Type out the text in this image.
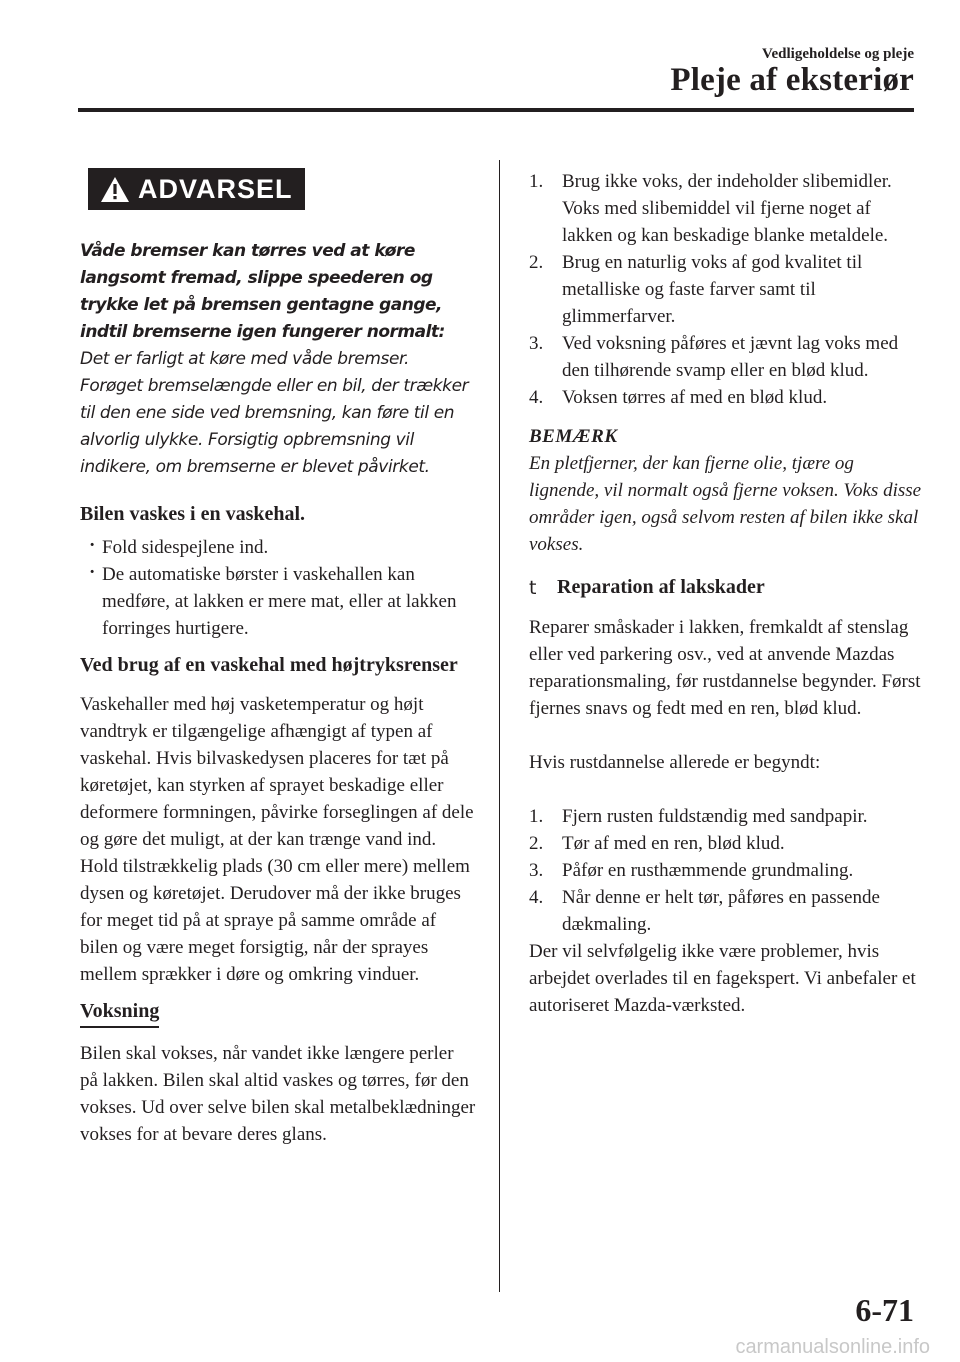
Vedligeholdelse og pleje
Pleje af eksteriør
ADVARSEL
Våde bremser kan tørres ved at køre langsomt fremad, slippe speederen og trykke let på bremsen gentagne gange, indtil bremserne igen fungerer normalt:
Det er farligt at køre med våde bremser. Forøget bremselængde eller en bil, der trækker til den ene side ved bremsning, kan føre til en alvorlig ulykke. Forsigtig opbremsning vil indikere, om bremserne er blevet påvirket.
Bilen vaskes i en vaskehal.
· Fold sidespejlene ind.
· De automatiske børster i vaskehallen kan medføre, at lakken er mere mat, eller at lakken forringes hurtigere.
Ved brug af en vaskehal med højtryksrenser
Vaskehaller med høj vasketemperatur og højt vandtryk er tilgængelige afhængigt af typen af vaskehal. Hvis bilvaskedysen placeres for tæt på køretøjet, kan styrken af sprayet beskadige eller deformere formningen, påvirke forseglingen af dele og gøre det muligt, at der kan trænge vand ind. Hold tilstrækkelig plads (30 cm eller mere) mellem dysen og køretøjet. Derudover må der ikke bruges for meget tid på at spraye på samme område af bilen og være meget forsigtig, når der sprayes mellem sprækker i døre og omkring vinduer.
Voksning
Bilen skal vokses, når vandet ikke længere perler på lakken. Bilen skal altid vaskes og tørres, før den vokses. Ud over selve bilen skal metalbeklædninger vokses for at bevare deres glans.
1. Brug ikke voks, der indeholder slibemidler.
Voks med slibemiddel vil fjerne noget af lakken og kan beskadige blanke metaldele.
2. Brug en naturlig voks af god kvalitet til metalliske og faste farver samt til glimmerfarver.
3. Ved voksning påføres et jævnt lag voks med den tilhørende svamp eller en blød klud.
4. Voksen tørres af med en blød klud.
BEMÆRK
En pletfjerner, der kan fjerne olie, tjære og lignende, vil normalt også fjerne voksen. Voks disse områder igen, også selvom resten af bilen ikke skal vokses.
t Reparation af lakskader
Reparer småskader i lakken, fremkaldt af stenslag eller ved parkering osv., ved at anvende Mazdas reparationsmaling, før rustdannelse begynder. Først fjernes snavs og fedt med en ren, blød klud.
Hvis rustdannelse allerede er begyndt:
1. Fjern rusten fuldstændig med sandpapir.
2. Tør af med en ren, blød klud.
3. Påfør en rusthæmmende grundmaling.
4. Når denne er helt tør, påføres en passende dækmaling.
Der vil selvfølgelig ikke være problemer, hvis arbejdet overlades til en fagekspert. Vi anbefaler et autoriseret Mazda-værksted.
6-71
carmanualsonline.info
